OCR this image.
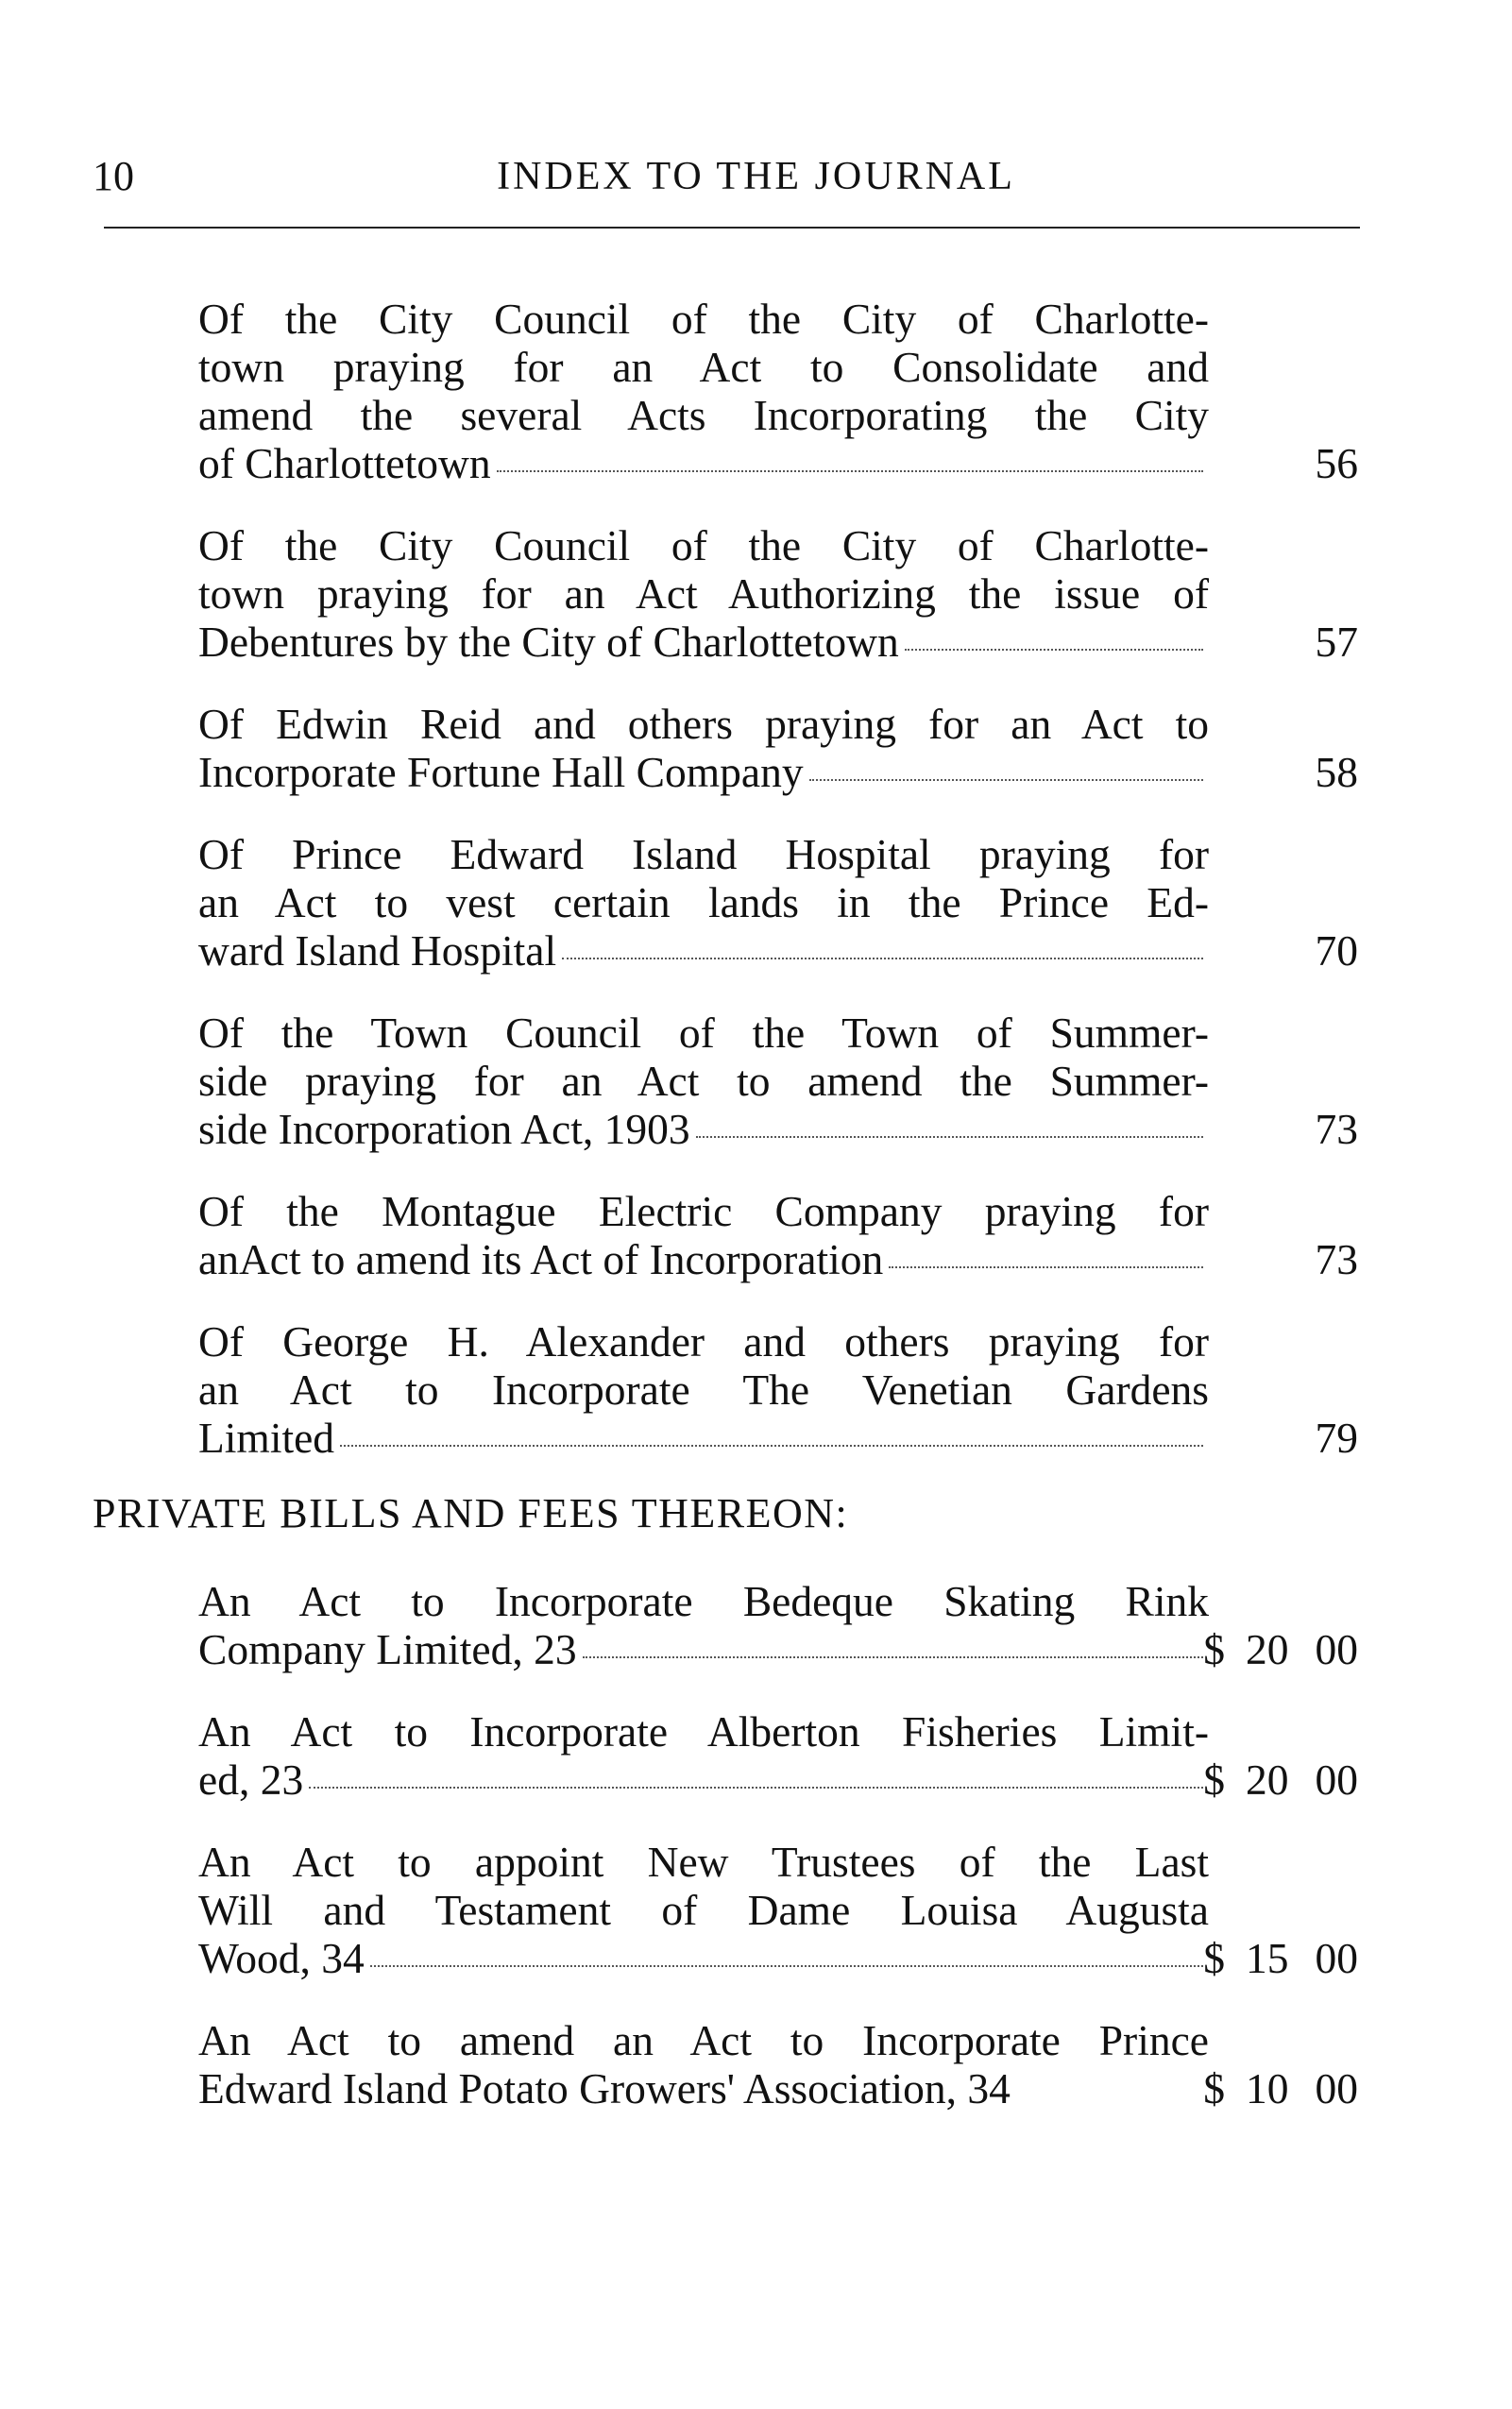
10	INDEX TO THE JOURNAL
Of the City Council of the City of Charlotte-
town praying for an Act to Consolidate and
amend the several Acts Incorporating the City
of Charlottetown	56
Of the City Council of the City of Charlotte-
town praying for an Act Authorizing the issue of
Debentures by the City of Charlottetown	57
Of Edwin Reid and others praying for an Act to
Incorporate Fortune Hall Company	58
Of Prince Edward Island Hospital praying for
an Act to vest certain lands in the Prince Ed-
ward Island Hospital	70
Of the Town Council of the Town of Summer-
side praying for an Act to amend the Summer-
side Incorporation Act, 1903	73
Of the Montague Electric Company praying for
anAct to amend its Act of Incorporation	73
Of George H. Alexander and others praying for
an Act to Incorporate The Venetian Gardens
Limited	79
PRIVATE BILLS AND FEES THEREON:
An Act to Incorporate Bedeque Skating Rink
Company Limited, 23	$ 20 00
An Act to Incorporate Alberton Fisheries Limit-
ed, 23	$ 20 00
An Act to appoint New Trustees of the Last
Will and Testament of Dame Louisa Augusta
Wood, 34	$ 15 00
An Act to amend an Act to Incorporate Prince
Edward Island Potato Growers' Association, 34	$ 10 00
